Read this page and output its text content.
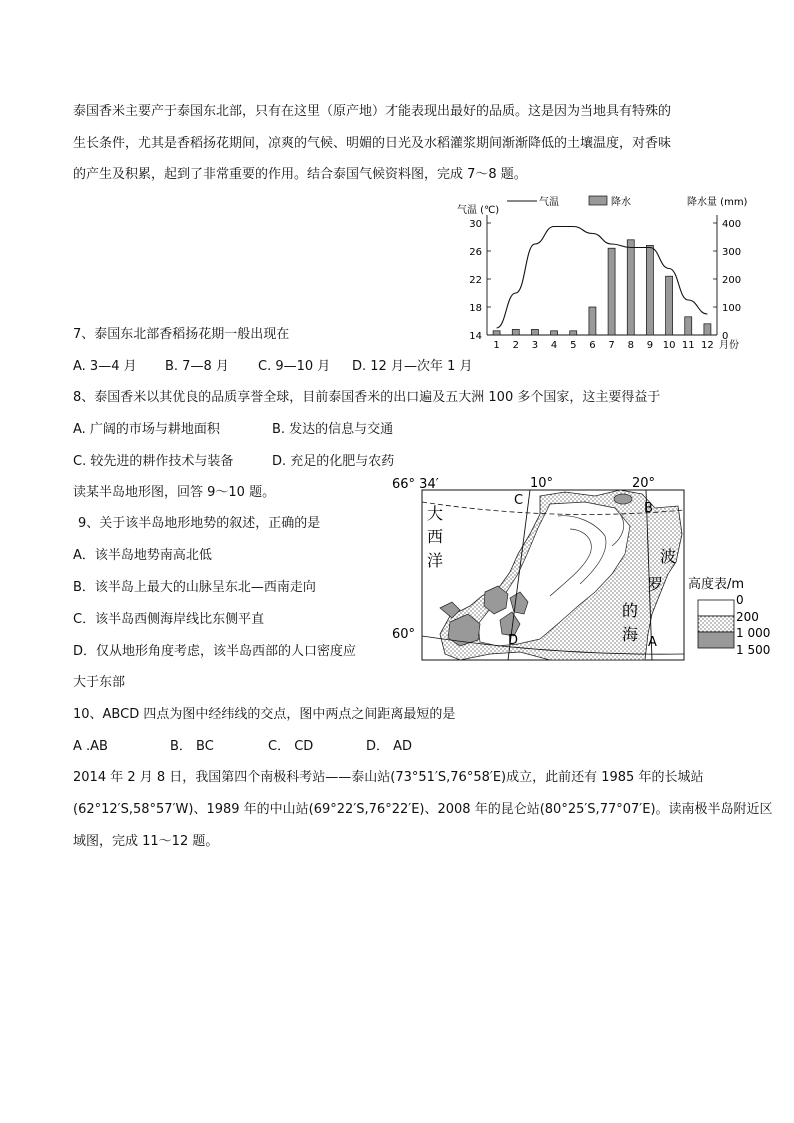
泰国香米主要产于泰国东北部，只有在这里（原产地）才能表现出最好的品质。这是因为当地具有特殊的
生长条件，尤其是香稻扬花期间，凉爽的气候、明媚的日光及水稻灌浆期间渐渐降低的土壤温度，对香味
的产生及积累，起到了非常重要的作用。结合泰国气候资料图，完成 7～8 题。
14
18
22
26
30
0
100
200
300
400
1 2 3 4 5 6 7 8 9 10 11 12 月份
气温 (℃)
降水量 (mm)
气温	降水
7、泰国东北部香稻扬花期一般出现在
A. 3—4 月 B. 7—8 月 C. 9—10 月 D. 12 月—次年 1 月
8、泰国香米以其优良的品质享誉全球，目前泰国香米的出口遍及五大洲 100 多个国家，这主要得益于
A. 广阔的市场与耕地面积	B. 发达的信息与交通
C. 较先进的耕作技术与装备	D. 充足的化肥与农药
读某半岛地形图，回答 9～10 题。
9、关于该半岛地形地势的叙述，正确的是
A．该半岛地势南高北低
B．该半岛上最大的山脉呈东北—西南走向
C．该半岛西侧海岸线比东侧平直
D．仅从地形角度考虑，该半岛西部的人口密度应
大于东部
66° 34′
60°
10°	20°
C
B
D	A
大
西
洋	波
罗
的
海
高度表/m
0
200
1 000
1 500
10、ABCD 四点为图中经纬线的交点，图中两点之间距离最短的是
A .AB	B． BC	C． CD	D． AD
2014 年 2 月 8 日，我国第四个南极科考站——泰山站(73°51′S,76°58′E)成立，此前还有 1985 年的长城站
(62°12′S,58°57′W)、1989 年的中山站(69°22′S,76°22′E)、2008 年的昆仑站(80°25′S,77°07′E)。读南极半岛附近区
域图，完成 11～12 题。
